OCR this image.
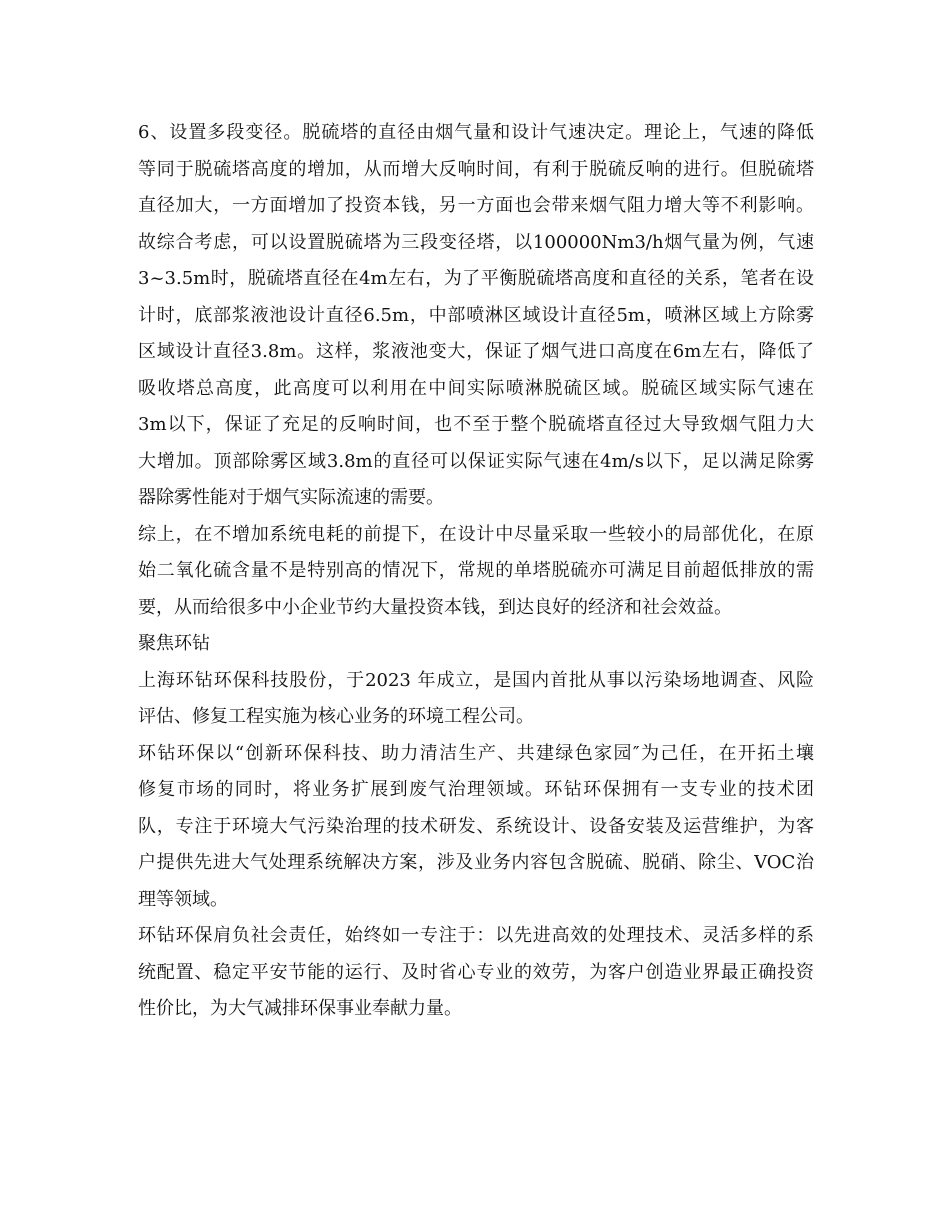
6、设置多段变径。脱硫塔的直径由烟气量和设计气速决定。理论上，气速的降低
等同于脱硫塔高度的增加，从而增大反响时间，有利于脱硫反响的进行。但脱硫塔
直径加大，一方面增加了投资本钱，另一方面也会带来烟气阻力增大等不利影响。
故综合考虑，可以设置脱硫塔为三段变径塔，以100000Nm3/h烟气量为例，气速
3~3.5m时，脱硫塔直径在4m左右，为了平衡脱硫塔高度和直径的关系，笔者在设
计时，底部浆液池设计直径6.5m，中部喷淋区域设计直径5m，喷淋区域上方除雾
区域设计直径3.8m。这样，浆液池变大，保证了烟气进口高度在6m左右，降低了
吸收塔总高度，此高度可以利用在中间实际喷淋脱硫区域。脱硫区域实际气速在
3m以下，保证了充足的反响时间，也不至于整个脱硫塔直径过大导致烟气阻力大
大增加。顶部除雾区域3.8m的直径可以保证实际气速在4m/s以下，足以满足除雾
器除雾性能对于烟气实际流速的需要。
综上，在不增加系统电耗的前提下，在设计中尽量采取一些较小的局部优化，在原
始二氧化硫含量不是特别高的情况下，常规的单塔脱硫亦可满足目前超低排放的需
要，从而给很多中小企业节约大量投资本钱，到达良好的经济和社会效益。
聚焦环钻
上海环钻环保科技股份，于2023 年成立，是国内首批从事以污染场地调查、风险
评估、修复工程实施为核心业务的环境工程公司。
环钻环保以“创新环保科技、助力清洁生产、共建绿色家园″为己任，在开拓土壤
修复市场的同时，将业务扩展到废气治理领域。环钻环保拥有一支专业的技术团
队，专注于环境大气污染治理的技术研发、系统设计、设备安装及运营维护，为客
户提供先进大气处理系统解决方案，涉及业务内容包含脱硫、脱硝、除尘、VOC治
理等领域。
环钻环保肩负社会责任，始终如一专注于：以先进高效的处理技术、灵活多样的系
统配置、稳定平安节能的运行、及时省心专业的效劳，为客户创造业界最正确投资
性价比，为大气减排环保事业奉献力量。
